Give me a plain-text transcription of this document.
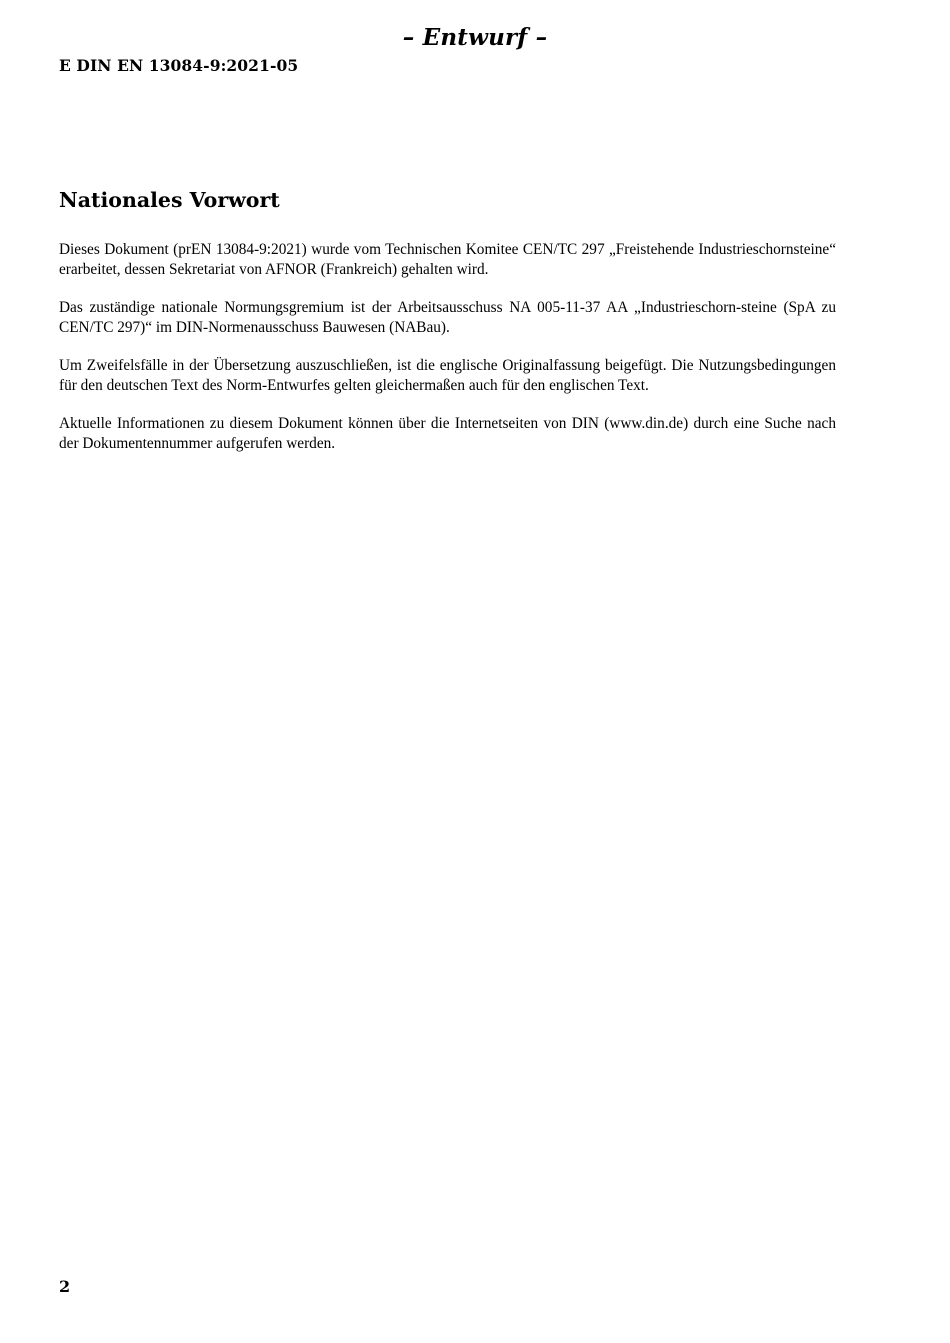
– Entwurf –
E DIN EN 13084-9:2021-05
Nationales Vorwort

Dieses Dokument (prEN 13084-9:2021) wurde vom Technischen Komitee CEN/TC 297 „Freistehende Industrieschornsteine“ erarbeitet, dessen Sekretariat von AFNOR (Frankreich) gehalten wird.

Das zuständige nationale Normungsgremium ist der Arbeitsausschuss NA 005-11-37 AA „Industrieschorn-steine (SpA zu CEN/TC 297)“ im DIN-Normenausschuss Bauwesen (NABau).

Um Zweifelsfälle in der Übersetzung auszuschließen, ist die englische Originalfassung beigefügt. Die Nutzungsbedingungen für den deutschen Text des Norm-Entwurfes gelten gleichermaßen auch für den englischen Text.

Aktuelle Informationen zu diesem Dokument können über die Internetseiten von DIN (www.din.de) durch eine Suche nach der Dokumentennummer aufgerufen werden.

2
